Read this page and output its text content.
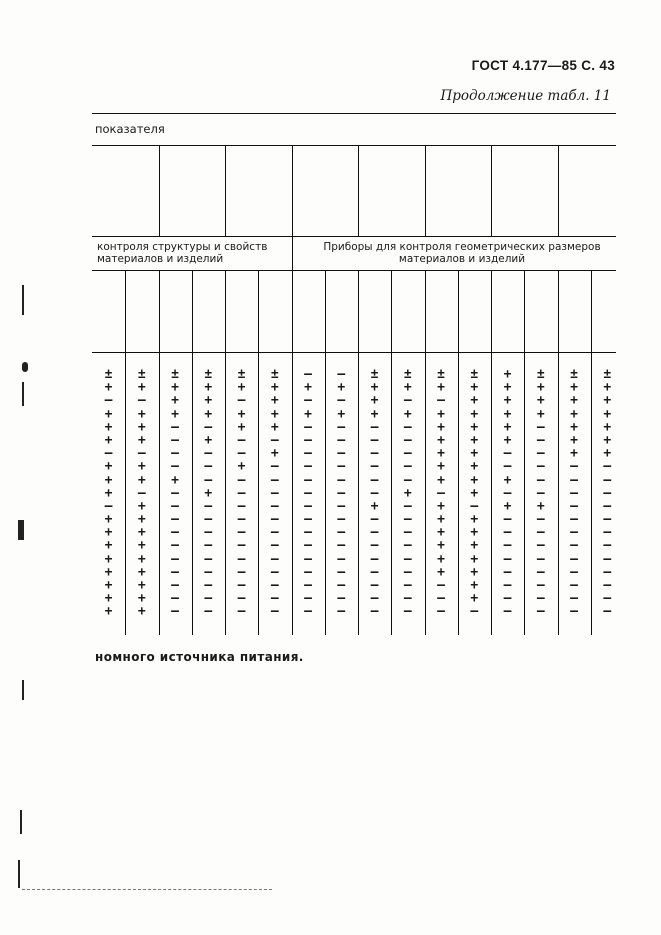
ГОСТ 4.177—85 С. 43
Продолжение табл. 11
показателя
контроля структуры и свойств материалов и изделий
Приборы для контроля геометрических размеров материалов и изделий
±
+
—
+
+
+
—
+
+
+
—
+
+
+
+
+
+
+
+
±
+
—
+
+
+
—
+
+
—
+
+
+
+
+
+
+
+
+
±
+
+
+
—
—
—
—
+
—
—
—
—
—
—
—
—
—
—
±
+
+
+
—
+
—
—
—
+
—
—
—
—
—
—
—
—
—
±
+
—
+
+
—
—
+
—
—
—
—
—
—
—
—
—
—
—
±
+
+
+
+
—
+
—
—
—
—
—
—
—
—
—
—
—
—
—
+
—
+
—
—
—
—
—
—
—
—
—
—
—
—
—
—
—
—
+
—
+
—
—
—
—
—
—
—
—
—
—
—
—
—
—
—
±
+
+
+
—
—
—
—
—
—
+
—
—
—
—
—
—
—
—
±
+
—
+
—
—
—
—
—
+
—
—
—
—
—
—
—
—
—
±
+
—
+
+
+
+
+
+
—
+
+
+
+
+
+
—
—
—
±
+
+
+
+
+
+
+
+
+
—
+
+
+
+
+
+
+
—
+
+
+
+
+
+
—
—
+
—
+
—
—
—
—
—
—
—
—
±
+
+
+
—
—
—
—
—
—
+
—
—
—
—
—
—
—
—
±
+
+
+
+
+
+
—
—
—
—
—
—
—
—
—
—
—
—
±
+
+
+
+
+
+
—
—
—
—
—
—
—
—
—
—
—
—
номного источника питания.
